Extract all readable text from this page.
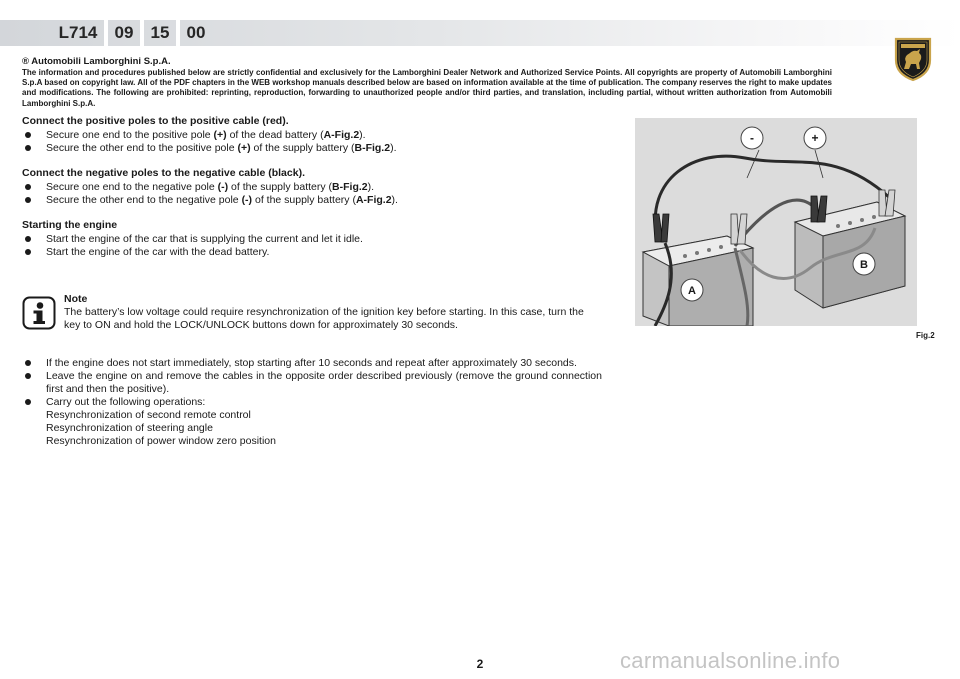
L714	09	15	00
® Automobili Lamborghini S.p.A.
The information and procedures published below are strictly confidential and exclusively for the Lamborghini Dealer Network and Authorized Service Points. All copyrights are property of Automobili Lamborghini S.p.A based on copyright law. All of the PDF chapters in the WEB workshop manuals described below are based on information available at the time of publication. The company reserves the right to make updates and modifications. The following are prohibited: reprinting, reproduction, forwarding to unauthorized people and/or third parties, and translation, including partial, without written authorization from Automobili Lamborghini S.p.A.
Connect the positive poles to the positive cable (red).
Secure one end to the positive pole (+) of the dead battery (A-Fig.2).
Secure the other end to the positive pole (+) of the supply battery (B-Fig.2).
Connect the negative poles to the negative cable (black).
Secure one end to the negative pole (-) of the supply battery (B-Fig.2).
Secure the other end to the negative pole (-) of the supply battery (A-Fig.2).
Starting the engine
Start the engine of the car that is supplying the current and let it idle.
Start the engine of the car with the dead battery.
Note
The battery’s low voltage could require resynchronization of the ignition key before starting. In this case, turn the key to ON and hold the LOCK/UNLOCK buttons down for approximately 30 seconds.
If the engine does not start immediately, stop starting after 10 seconds and repeat after approximately 30 seconds.
Leave the engine on and remove the cables in the opposite order described previously (remove the ground connection first and then the positive).
Carry out the following operations:
Resynchronization of second remote control
Resynchronization of steering angle
Resynchronization of power window zero position
-	+
A
B
Fig.2
2	carmanualsonline.info
